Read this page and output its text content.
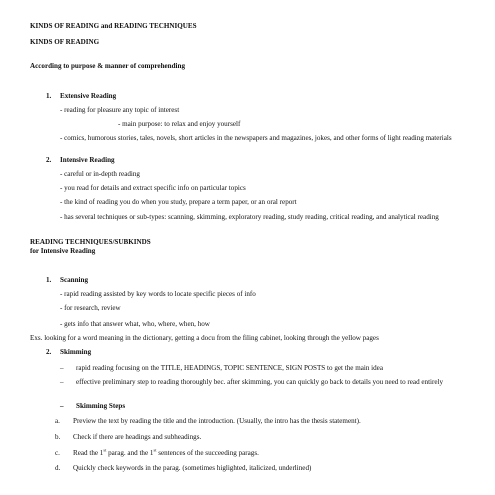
KINDS OF READING and READING TECHNIQUES
KINDS OF READING
According to purpose & manner of comprehending
1. Extensive Reading
- reading for pleasure any topic of interest
- main purpose: to relax and enjoy yourself
- comics, humorous stories, tales, novels, short articles in the newspapers and magazines, jokes, and other forms of light reading materials
2. Intensive Reading
- careful or in-depth reading
- you read for details and extract specific info on particular topics
- the kind of reading you do when you study, prepare a term paper, or an oral report
- has several techniques or sub-types: scanning, skimming, exploratory reading, study reading, critical reading, and analytical reading
READING TECHNIQUES/SUBKINDS
for Intensive Reading
1. Scanning
- rapid reading assisted by key words to locate specific pieces of info
- for research, review
- gets info that answer what, who, where, when, how
Exs. looking for a word meaning in the dictionary, getting a docu from the filing cabinet, looking through the yellow pages
2. Skimming
– rapid reading focusing on the TITLE, HEADINGS, TOPIC SENTENCE, SIGN POSTS to get the main idea
– effective preliminary step to reading thoroughly bec. after skimming, you can quickly go back to details you need to read entirely
– Skimming Steps
a. Preview the text by reading the title and the introduction. (Usually, the intro has the thesis statement).
b. Check if there are headings and subheadings.
c. Read the 1st parag. and the 1st sentences of the succeeding parags.
d. Quickly check keywords in the parag. (sometimes higlighted, italicized, underlined)
